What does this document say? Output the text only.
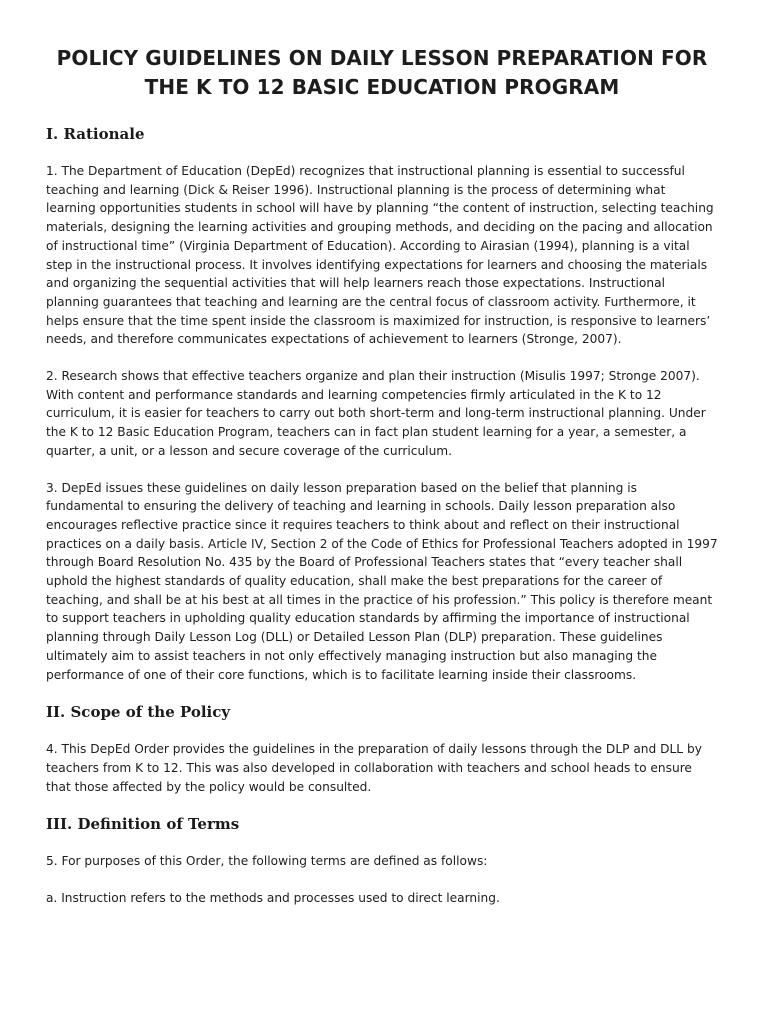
POLICY GUIDELINES ON DAILY LESSON PREPARATION FOR
THE K TO 12 BASIC EDUCATION PROGRAM
I. Rationale

1. The Department of Education (DepEd) recognizes that instructional planning is essential to successful teaching and learning (Dick & Reiser 1996). Instructional planning is the process of determining what learning opportunities students in school will have by planning “the content of instruction, selecting teaching materials, designing the learning activities and grouping methods, and deciding on the pacing and allocation of instructional time” (Virginia Department of Education). According to Airasian (1994), planning is a vital step in the instructional process. It involves identifying expectations for learners and choosing the materials and organizing the sequential activities that will help learners reach those expectations. Instructional planning guarantees that teaching and learning are the central focus of classroom activity. Furthermore, it helps ensure that the time spent inside the classroom is maximized for instruction, is responsive to learners’ needs, and therefore communicates expectations of achievement to learners (Stronge, 2007).

2. Research shows that effective teachers organize and plan their instruction (Misulis 1997; Stronge 2007). With content and performance standards and learning competencies firmly articulated in the K to 12 curriculum, it is easier for teachers to carry out both short-term and long-term instructional planning. Under the K to 12 Basic Education Program, teachers can in fact plan student learning for a year, a semester, a quarter, a unit, or a lesson and secure coverage of the curriculum.

3. DepEd issues these guidelines on daily lesson preparation based on the belief that planning is fundamental to ensuring the delivery of teaching and learning in schools. Daily lesson preparation also encourages reflective practice since it requires teachers to think about and reflect on their instructional practices on a daily basis. Article IV, Section 2 of the Code of Ethics for Professional Teachers adopted in 1997 through Board Resolution No. 435 by the Board of Professional Teachers states that “every teacher shall uphold the highest standards of quality education, shall make the best preparations for the career of teaching, and shall be at his best at all times in the practice of his profession.” This policy is therefore meant to support teachers in upholding quality education standards by affirming the importance of instructional planning through Daily Lesson Log (DLL) or Detailed Lesson Plan (DLP) preparation. These guidelines ultimately aim to assist teachers in not only effectively managing instruction but also managing the performance of one of their core functions, which is to facilitate learning inside their classrooms.

II. Scope of the Policy

4. This DepEd Order provides the guidelines in the preparation of daily lessons through the DLP and DLL by teachers from K to 12. This was also developed in collaboration with teachers and school heads to ensure that those affected by the policy would be consulted.

III. Definition of Terms

5. For purposes of this Order, the following terms are defined as follows:

a. Instruction refers to the methods and processes used to direct learning.
